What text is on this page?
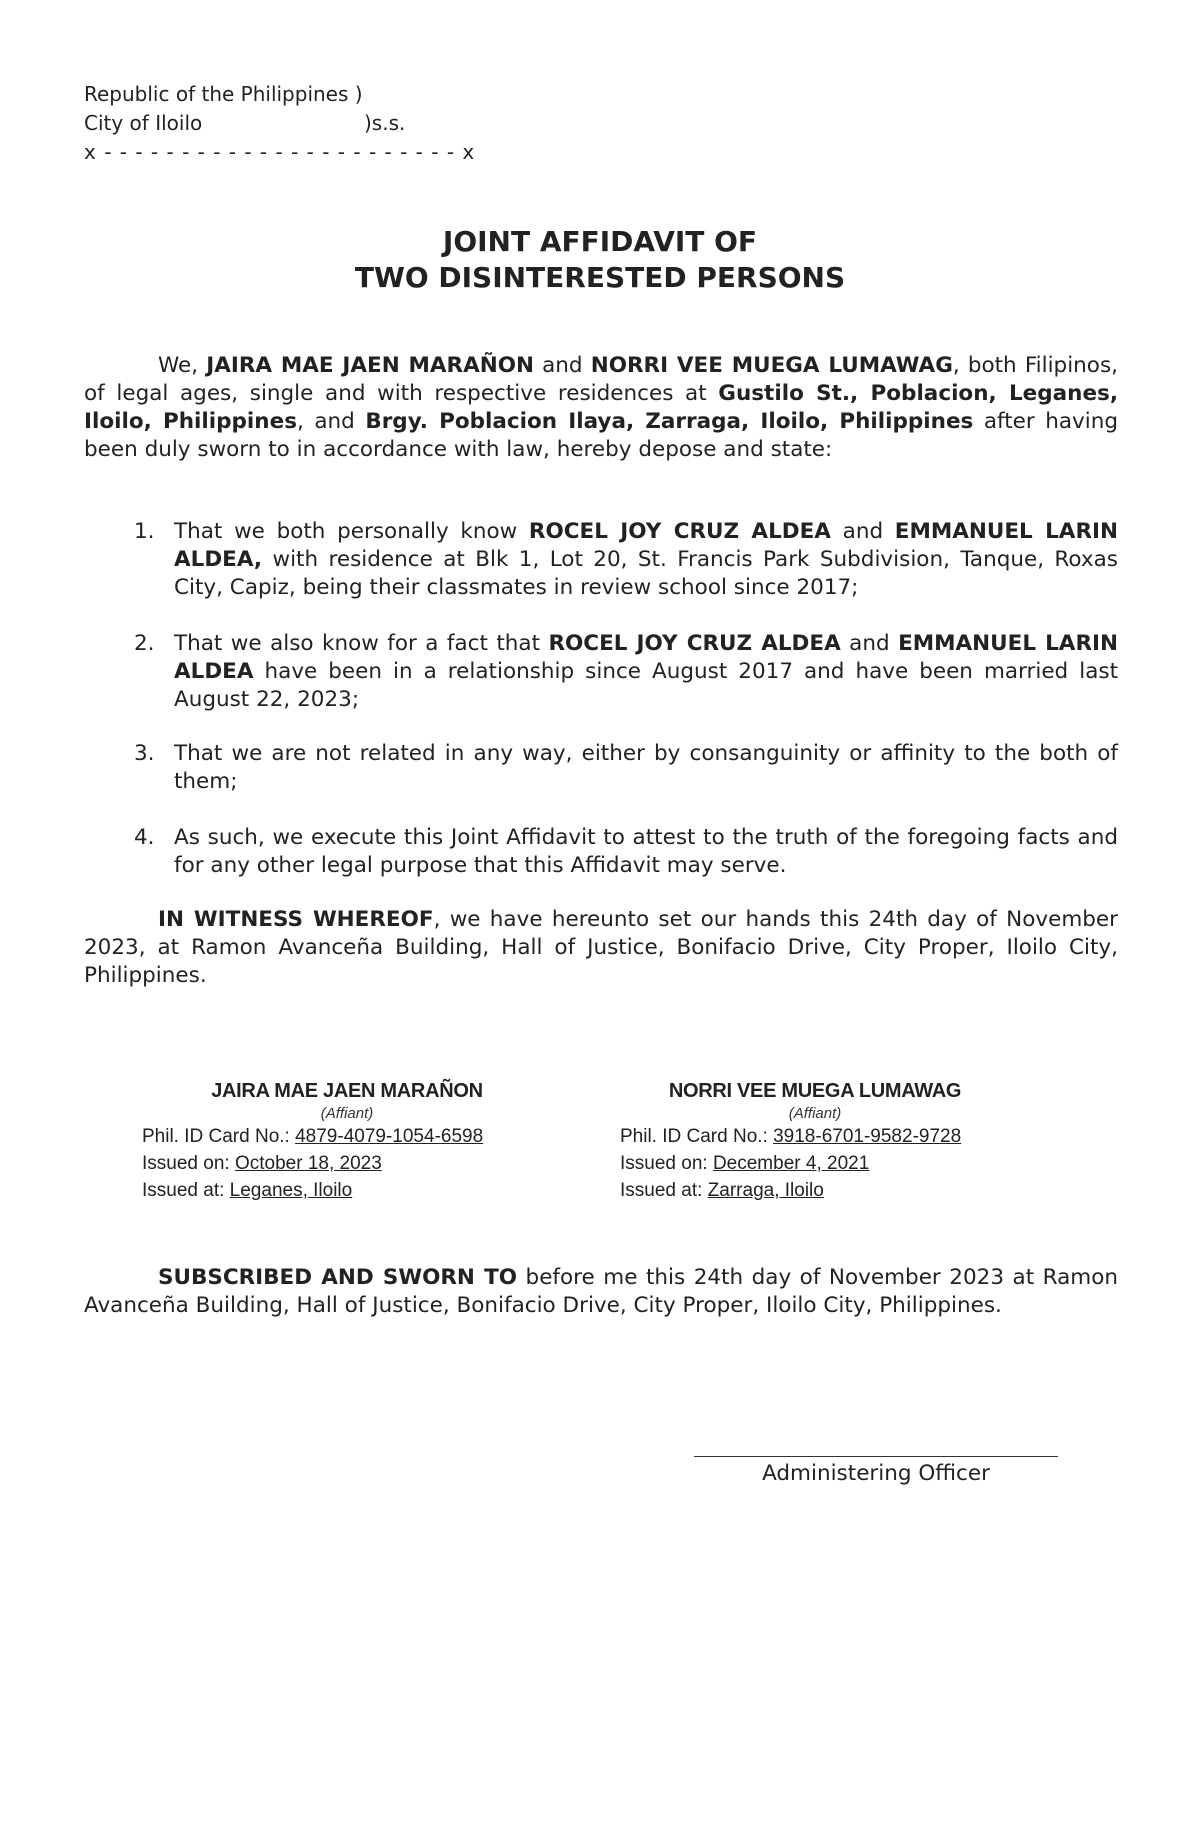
Republic of the Philippines )
City of Iloilo	)s.s.
x - - - - - - - - - - - - - - - - - - - - - - - x
JOINT AFFIDAVIT OF
TWO DISINTERESTED PERSONS
We, JAIRA MAE JAEN MARAÑON and NORRI VEE MUEGA LUMAWAG, both Filipinos, of legal ages, single and with respective residences at Gustilo St., Poblacion, Leganes, Iloilo, Philippines, and Brgy. Poblacion Ilaya, Zarraga, Iloilo, Philippines after having been duly sworn to in accordance with law, hereby depose and state:
1. That we both personally know ROCEL JOY CRUZ ALDEA and EMMANUEL LARIN ALDEA, with residence at Blk 1, Lot 20, St. Francis Park Subdivision, Tanque, Roxas City, Capiz, being their classmates in review school since 2017;
2. That we also know for a fact that ROCEL JOY CRUZ ALDEA and EMMANUEL LARIN ALDEA have been in a relationship since August 2017 and have been married last August 22, 2023;
3. That we are not related in any way, either by consanguinity or affinity to the both of them;
4. As such, we execute this Joint Affidavit to attest to the truth of the foregoing facts and for any other legal purpose that this Affidavit may serve.
IN WITNESS WHEREOF, we have hereunto set our hands this 24th day of November 2023, at Ramon Avanceña Building, Hall of Justice, Bonifacio Drive, City Proper, Iloilo City, Philippines.
JAIRA MAE JAEN MARAÑON
(Affiant)
Phil. ID Card No.: 4879-4079-1054-6598
Issued on: October 18, 2023
Issued at: Leganes, Iloilo
NORRI VEE MUEGA LUMAWAG
(Affiant)
Phil. ID Card No.: 3918-6701-9582-9728
Issued on: December 4, 2021
Issued at: Zarraga, Iloilo
SUBSCRIBED AND SWORN TO before me this 24th day of November 2023 at Ramon Avanceña Building, Hall of Justice, Bonifacio Drive, City Proper, Iloilo City, Philippines.
Administering Officer
